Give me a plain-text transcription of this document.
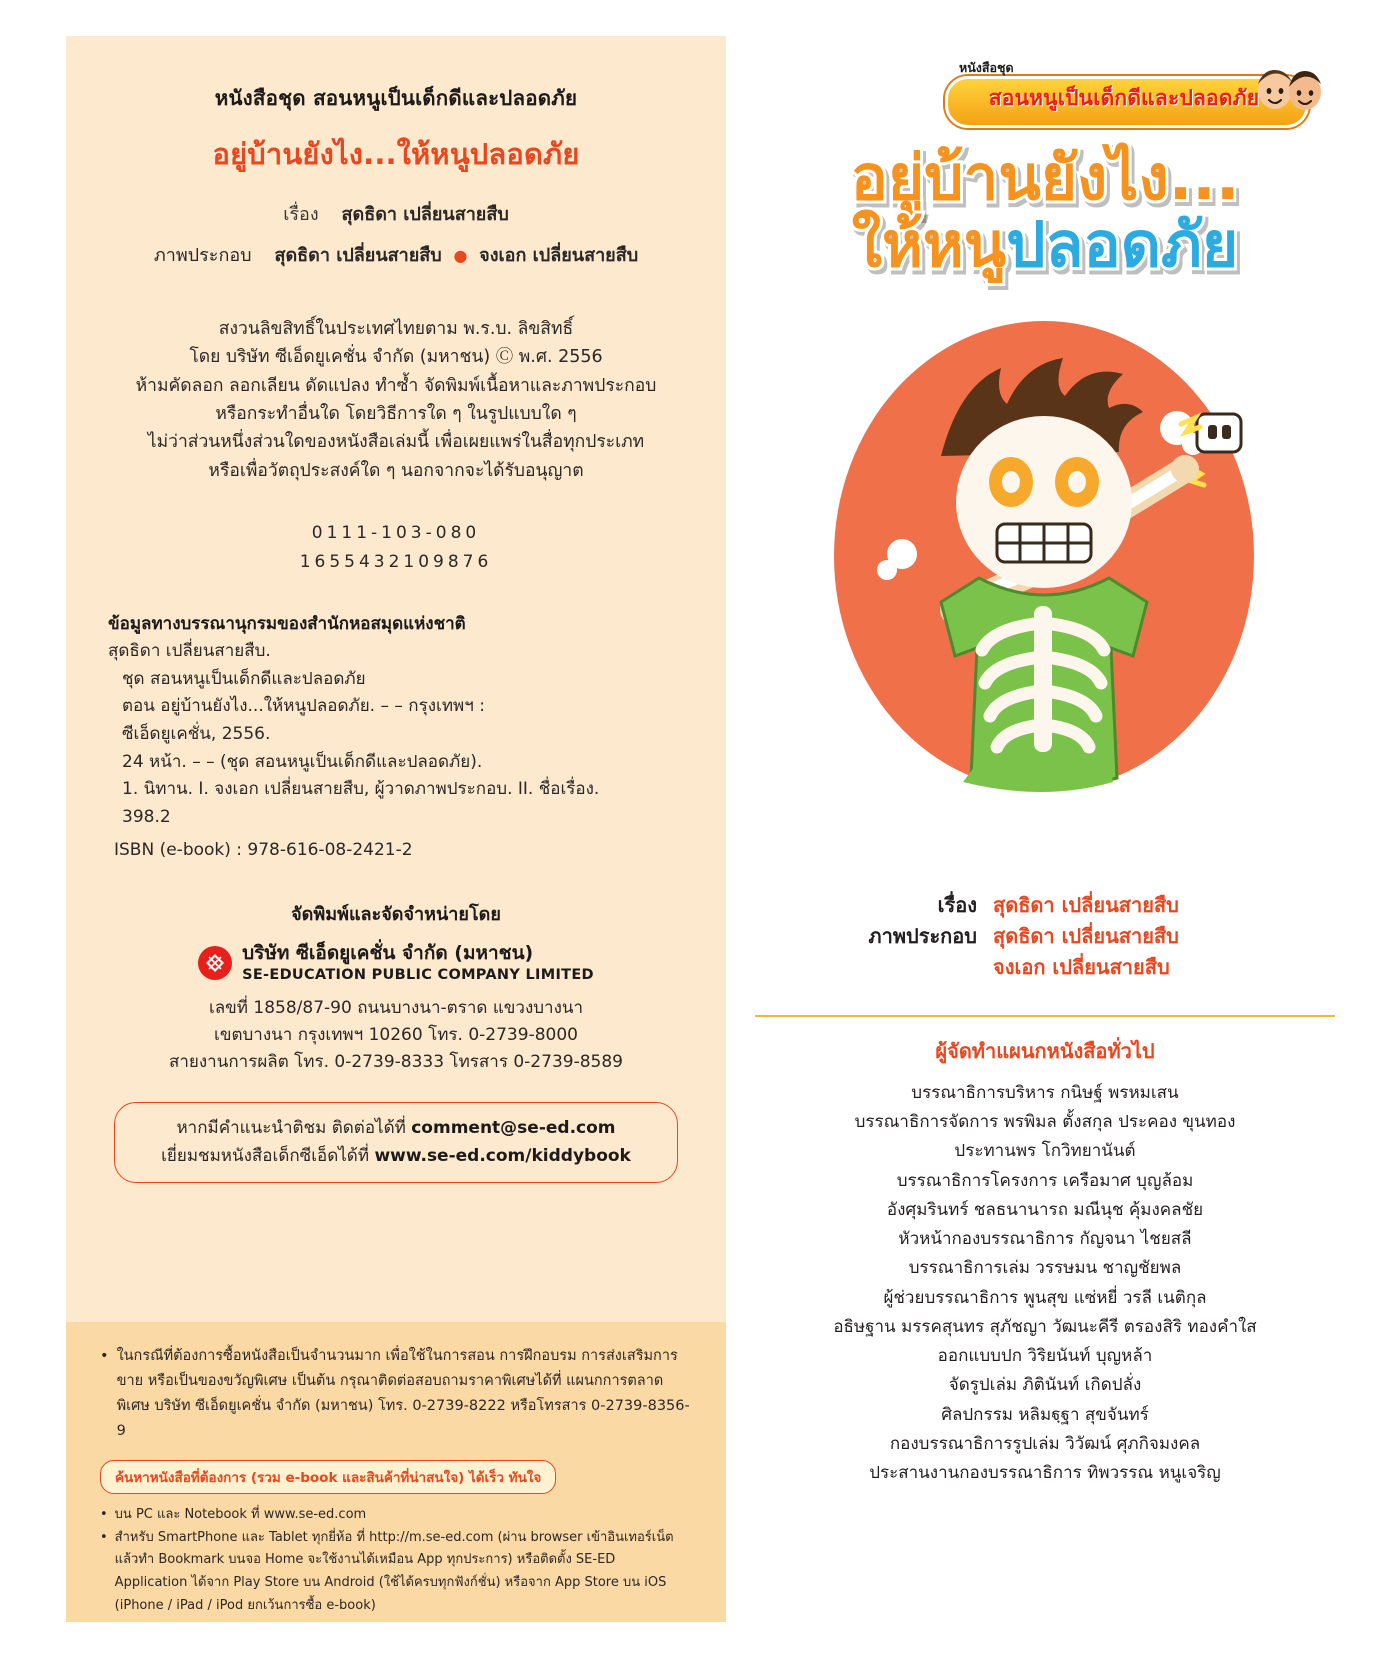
หนังสือชุด สอนหนูเป็นเด็กดีและปลอดภัย
อยู่บ้านยังไง...ให้หนูปลอดภัย
เรื่อง สุดธิดา เปลี่ยนสายสืบ
ภาพประกอบ สุดธิดา เปลี่ยนสายสืบ ● จงเอก เปลี่ยนสายสืบ
สงวนลิขสิทธิ์ในประเทศไทยตาม พ.ร.บ. ลิขสิทธิ์
โดย บริษัท ซีเอ็ดยูเคชั่น จำกัด (มหาชน) Ⓒ พ.ศ. 2556
ห้ามคัดลอก ลอกเลียน ดัดแปลง ทำซ้ำ จัดพิมพ์เนื้อหาและภาพประกอบ
หรือกระทำอื่นใด โดยวิธีการใด ๆ ในรูปแบบใด ๆ
ไม่ว่าส่วนหนึ่งส่วนใดของหนังสือเล่มนี้ เพื่อเผยแพร่ในสื่อทุกประเภท
หรือเพื่อวัตถุประสงค์ใด ๆ นอกจากจะได้รับอนุญาต
0111-103-080
1655432109876
ข้อมูลทางบรรณานุกรมของสำนักหอสมุดแห่งชาติ
สุดธิดา เปลี่ยนสายสืบ.
ชุด สอนหนูเป็นเด็กดีและปลอดภัย
ตอน อยู่บ้านยังไง...ให้หนูปลอดภัย. – – กรุงเทพฯ :
ซีเอ็ดยูเคชั่น, 2556.
24 หน้า. – – (ชุด สอนหนูเป็นเด็กดีและปลอดภัย).
1. นิทาน. I. จงเอก เปลี่ยนสายสืบ, ผู้วาดภาพประกอบ. II. ชื่อเรื่อง.
398.2
ISBN (e-book) : 978-616-08-2421-2
จัดพิมพ์และจัดจำหน่ายโดย
บริษัท ซีเอ็ดยูเคชั่น จำกัด (มหาชน)
SE-EDUCATION PUBLIC COMPANY LIMITED
เลขที่ 1858/87-90 ถนนบางนา-ตราด แขวงบางนา
เขตบางนา กรุงเทพฯ 10260 โทร. 0-2739-8000
สายงานการผลิต โทร. 0-2739-8333 โทรสาร 0-2739-8589
หากมีคำแนะนำติชม ติดต่อได้ที่ comment@se-ed.com
เยี่ยมชมหนังสือเด็กซีเอ็ดได้ที่ www.se-ed.com/kiddybook
• ในกรณีที่ต้องการซื้อหนังสือเป็นจำนวนมาก เพื่อใช้ในการสอน การฝึกอบรม การส่งเสริมการขาย หรือเป็นของขวัญพิเศษ เป็นต้น กรุณาติดต่อสอบถามราคาพิเศษได้ที่ แผนกการตลาดพิเศษ บริษัท ซีเอ็ดยูเคชั่น จำกัด (มหาชน) โทร. 0-2739-8222 หรือโทรสาร 0-2739-8356-9
ค้นหาหนังสือที่ต้องการ (รวม e-book และสินค้าที่น่าสนใจ) ได้เร็ว ทันใจ
• บน PC และ Notebook ที่ www.se-ed.com
• สำหรับ SmartPhone และ Tablet ทุกยี่ห้อ ที่ http://m.se-ed.com (ผ่าน browser เข้าอินเทอร์เน็ตแล้วทำ Bookmark บนจอ Home จะใช้งานได้เหมือน App ทุกประการ) หรือติดตั้ง SE-ED Application ได้จาก Play Store บน Android (ใช้ได้ครบทุกฟังก์ชั่น) หรือจาก App Store บน iOS (iPhone / iPad / iPod ยกเว้นการซื้อ e-book)
สอนหนูเป็นเด็กดีและปลอดภัย
หนังสือชุด
อยู่บ้านยังไง...
ให้หนูปลอดภัย
เรื่อง สุดธิดา เปลี่ยนสายสืบ
ภาพประกอบ สุดธิดา เปลี่ยนสายสืบ
จงเอก เปลี่ยนสายสืบ
ผู้จัดทำแผนกหนังสือทั่วไป
บรรณาธิการบริหาร กนิษฐ์ พรหมเสน
บรรณาธิการจัดการ พรพิมล ตั้งสกุล ประคอง ขุนทอง
ประทานพร โกวิทยานันต์
บรรณาธิการโครงการ เครือมาศ บุญล้อม
อังศุมรินทร์ ชลธนานารถ มณีนุช คุ้มงคลชัย
หัวหน้ากองบรรณาธิการ กัญจนา ไชยสลี
บรรณาธิการเล่ม วรรษมน ชาญชัยพล
ผู้ช่วยบรรณาธิการ พูนสุข แซ่หยี่ วรลี เนติกุล
อธิษฐาน มรรคสุนทร สุภัชญา วัฒนะคีรี ตรองสิริ ทองคำใส
ออกแบบปก วิริยนันท์ บุญหล้า
จัดรูปเล่ม ภิตินันท์ เกิดปลั่ง
ศิลปกรรม หลิมฐฺฐา สุขจันทร์
กองบรรณาธิการรูปเล่ม วิวัฒน์ ศุภกิจมงคล
ประสานงานกองบรรณาธิการ ทิพวรรณ หนูเจริญ
